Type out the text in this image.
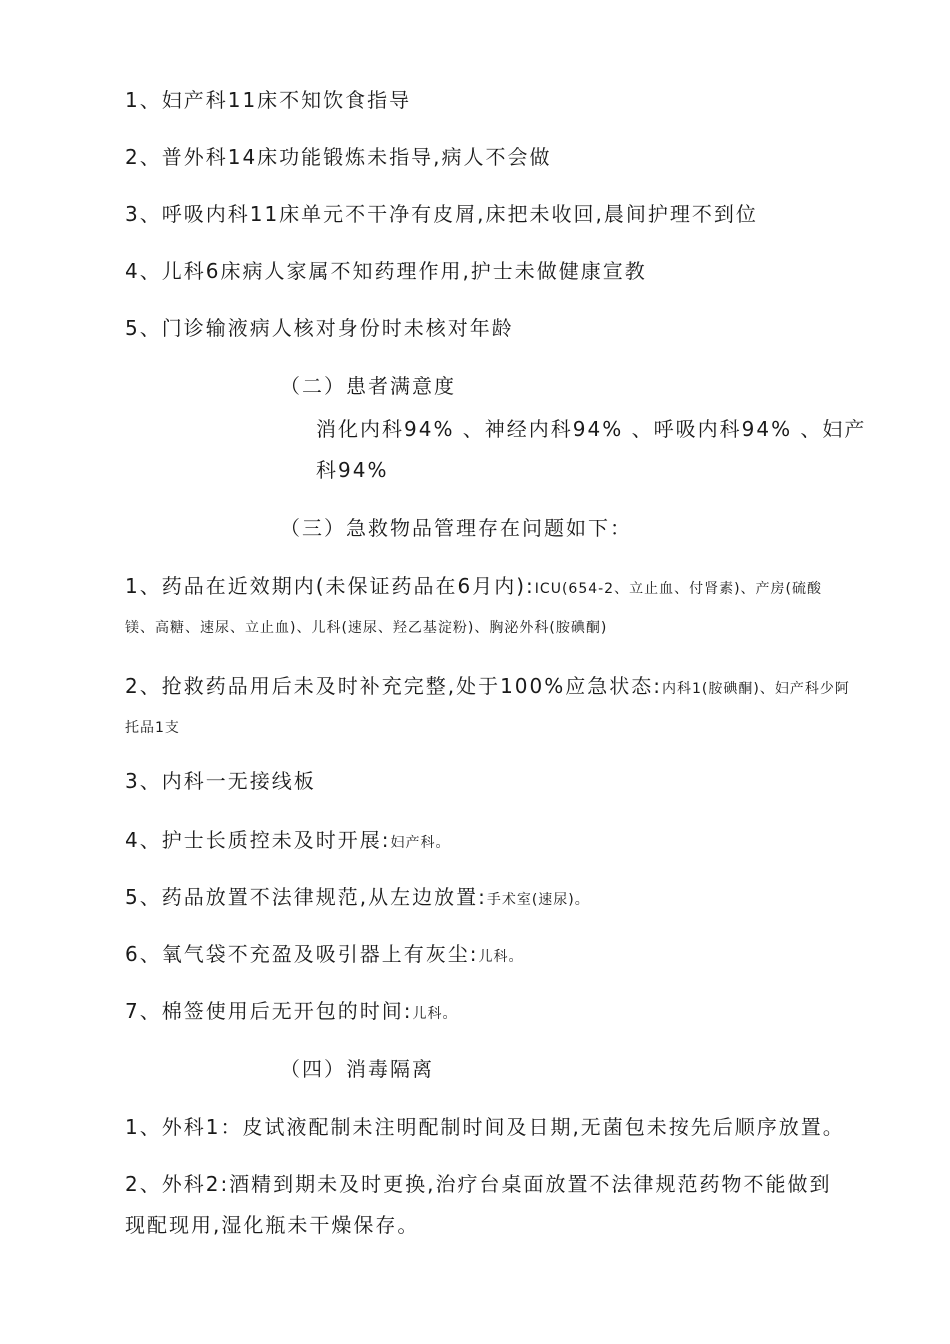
1、妇产科11床不知饮食指导
2、普外科14床功能锻炼未指导,病人不会做
3、呼吸内科11床单元不干净有皮屑,床把未收回,晨间护理不到位
4、儿科6床病人家属不知药理作用,护士未做健康宣教
5、门诊输液病人核对身份时未核对年龄
（二）患者满意度
消化内科94% 、神经内科94% 、呼吸内科94% 、妇产
科94%
（三）急救物品管理存在问题如下：
1、药品在近效期内(未保证药品在6月内):ICU(654-2、立止血、付肾素)、产房(硫酸
镁、高糖、速尿、立止血)、儿科(速尿、羟乙基淀粉)、胸泌外科(胺碘酮)
2、抢救药品用后未及时补充完整,处于100%应急状态:内科1(胺碘酮)、妇产科少阿
托品1支
3、内科一无接线板
4、护士长质控未及时开展:妇产科。
5、药品放置不法律规范,从左边放置:手术室(速尿)。
6、氧气袋不充盈及吸引器上有灰尘:儿科。
7、棉签使用后无开包的时间:儿科。
（四）消毒隔离
1、外科1：皮试液配制未注明配制时间及日期,无菌包未按先后顺序放置。
2、外科2:酒精到期未及时更换,治疗台桌面放置不法律规范药物不能做到
现配现用,湿化瓶未干燥保存。
